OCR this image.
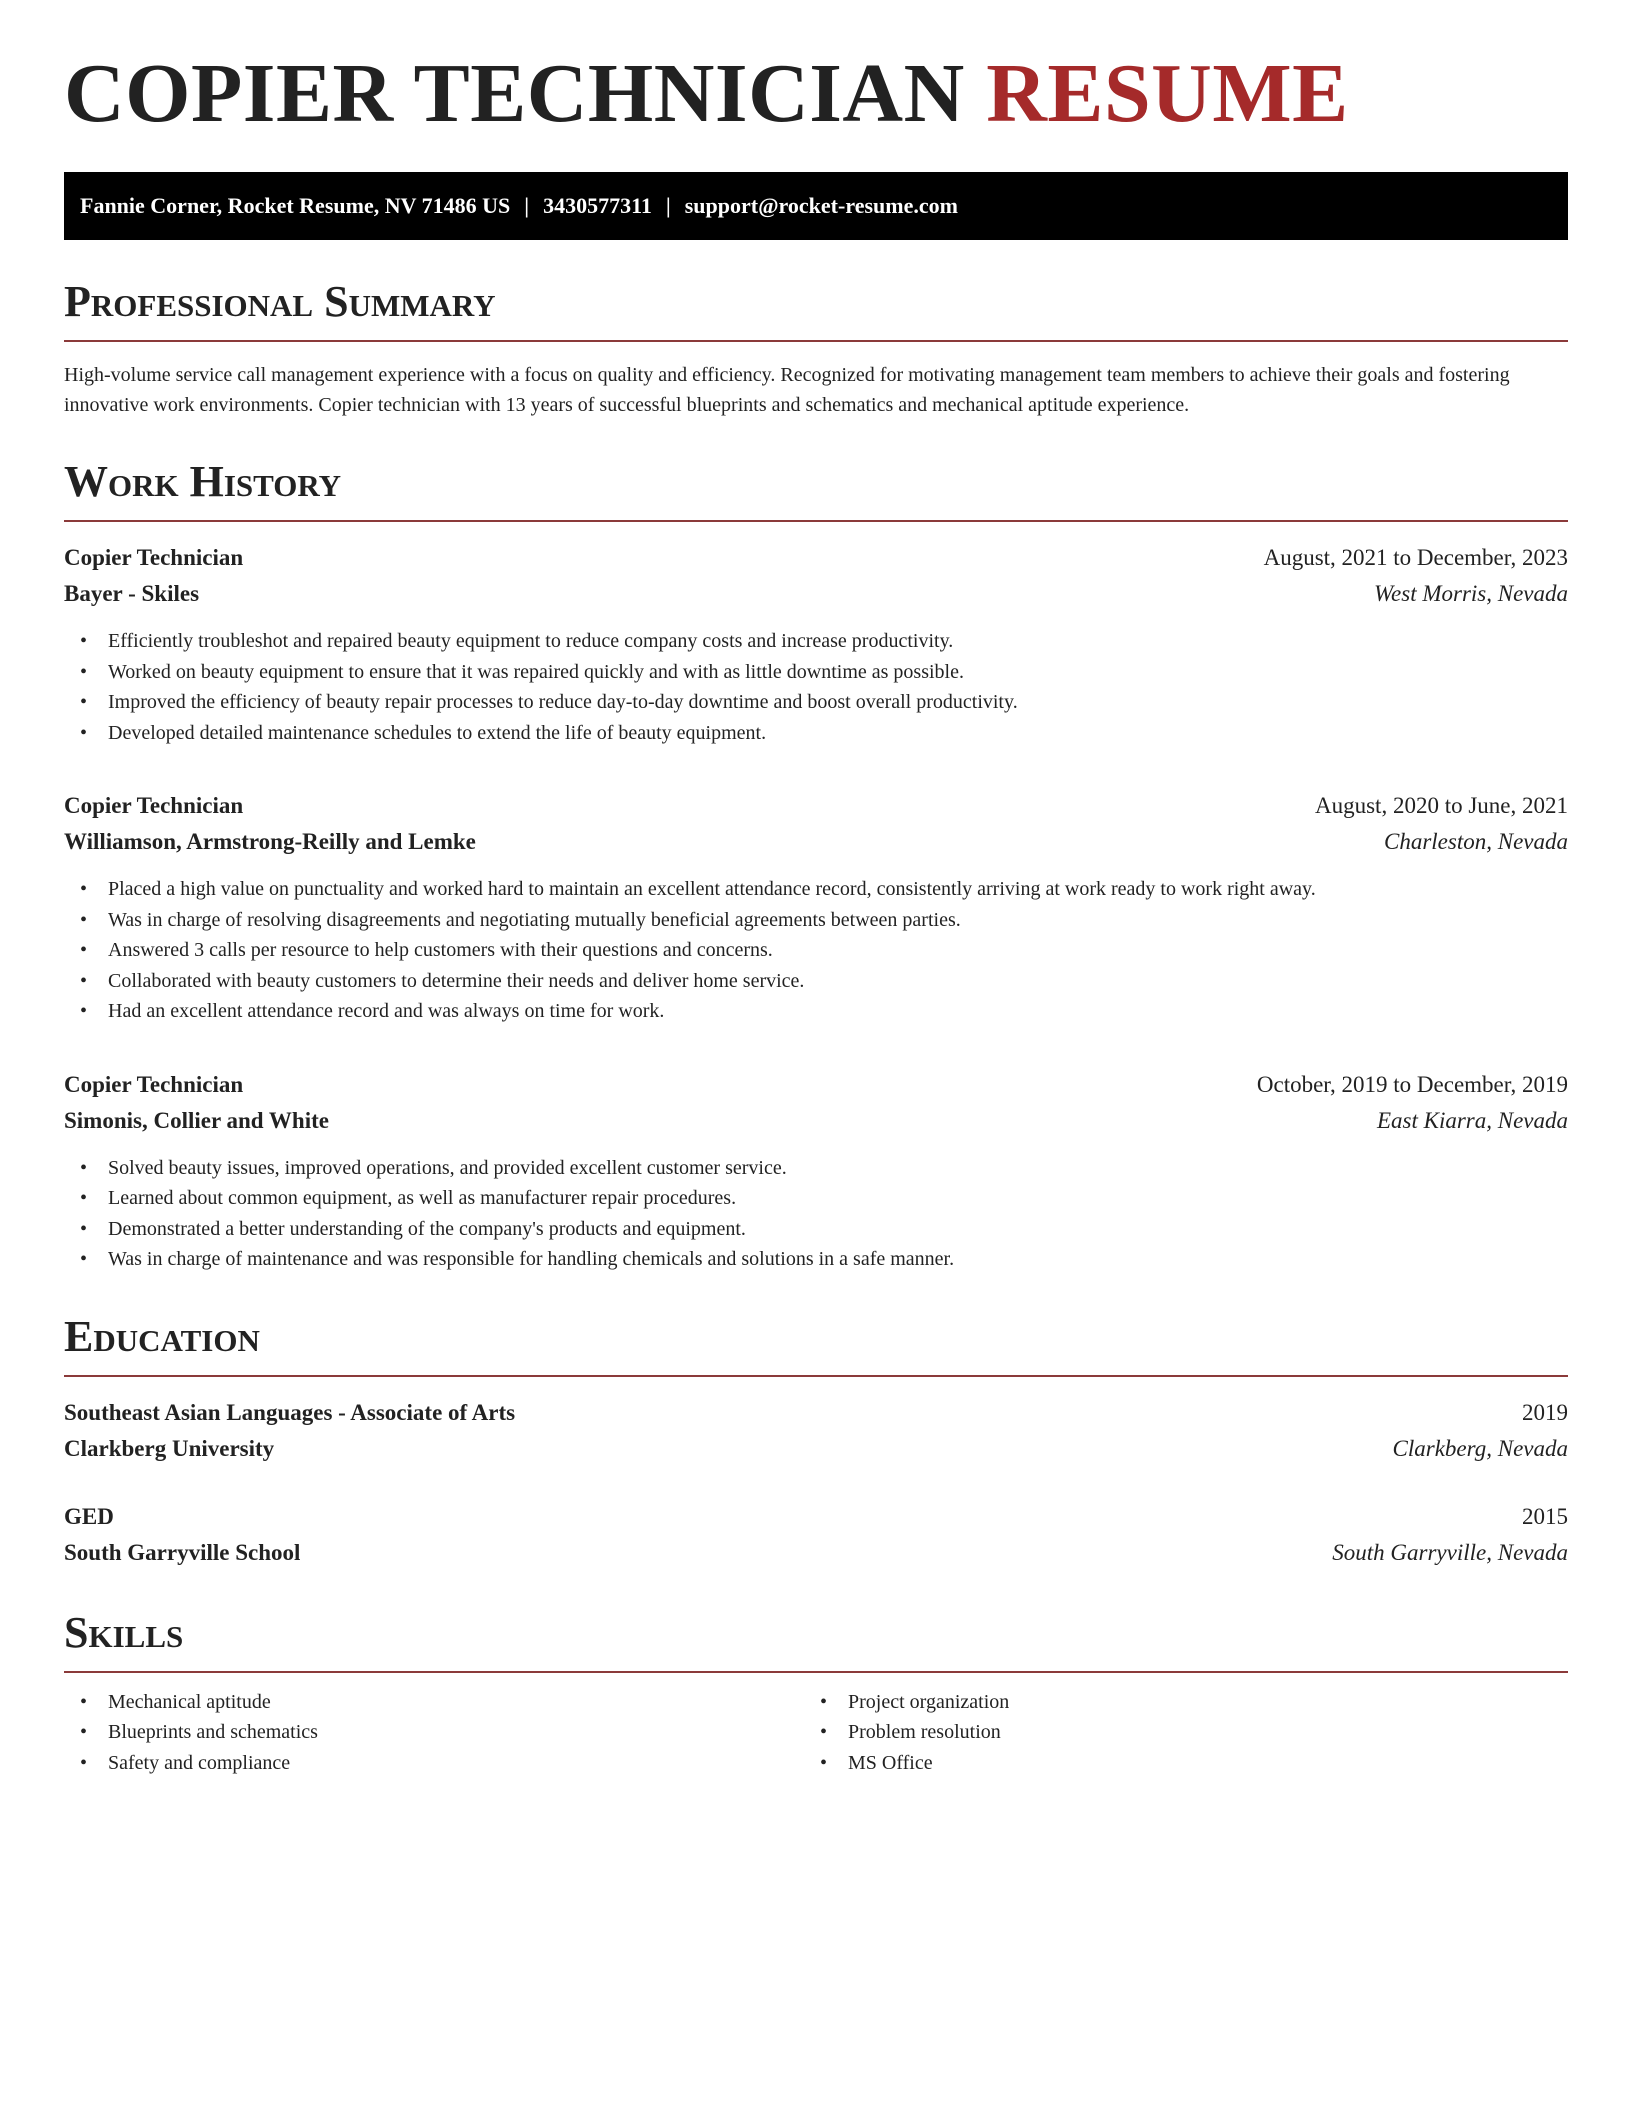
COPIER TECHNICIAN RESUME
Fannie Corner, Rocket Resume, NV 71486 US | 3430577311 | support@rocket-resume.com
Professional Summary

High-volume service call management experience with a focus on quality and efficiency. Recognized for motivating management team members to achieve their goals and fostering innovative work environments. Copier technician with 13 years of successful blueprints and schematics and mechanical aptitude experience.

Work History
Copier Technician	August, 2021 to December, 2023
Bayer - Skiles	West Morris, Nevada
• Efficiently troubleshot and repaired beauty equipment to reduce company costs and increase productivity.
• Worked on beauty equipment to ensure that it was repaired quickly and with as little downtime as possible.
• Improved the efficiency of beauty repair processes to reduce day-to-day downtime and boost overall productivity.
• Developed detailed maintenance schedules to extend the life of beauty equipment.
Copier Technician	August, 2020 to June, 2021
Williamson, Armstrong-Reilly and Lemke	Charleston, Nevada
• Placed a high value on punctuality and worked hard to maintain an excellent attendance record, consistently arriving at work ready to work right away.
• Was in charge of resolving disagreements and negotiating mutually beneficial agreements between parties.
• Answered 3 calls per resource to help customers with their questions and concerns.
• Collaborated with beauty customers to determine their needs and deliver home service.
• Had an excellent attendance record and was always on time for work.
Copier Technician	October, 2019 to December, 2019
Simonis, Collier and White	East Kiarra, Nevada
• Solved beauty issues, improved operations, and provided excellent customer service.
• Learned about common equipment, as well as manufacturer repair procedures.
• Demonstrated a better understanding of the company's products and equipment.
• Was in charge of maintenance and was responsible for handling chemicals and solutions in a safe manner.
Education
Southeast Asian Languages - Associate of Arts	2019
Clarkberg University	Clarkberg, Nevada
GED	2015
South Garryville School	South Garryville, Nevada
Skills
• Mechanical aptitude
• Blueprints and schematics
• Safety and compliance
• Project organization
• Problem resolution
• MS Office
